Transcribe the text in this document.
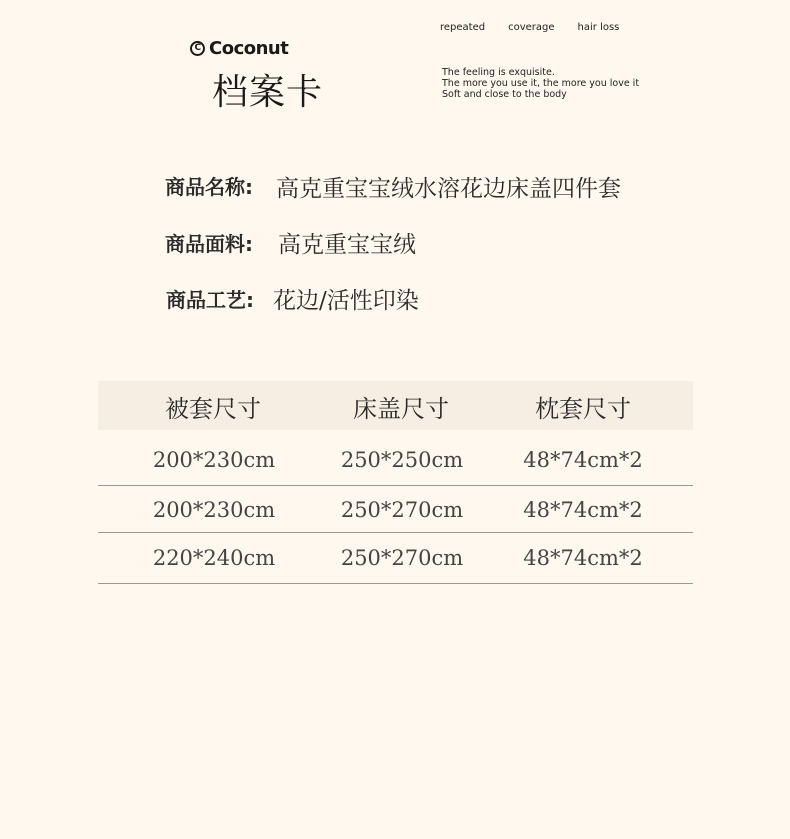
C Coconut
档案卡
repeated coverage hair loss
The feeling is exquisite.
The more you use it, the more you love it
Soft and close to the body
商品名称: 高克重宝宝绒水溶花边床盖四件套
商品面料: 高克重宝宝绒
商品工艺: 花边/活性印染
被套尺寸	床盖尺寸	枕套尺寸
200*230cm	250*250cm	48*74cm*2
200*230cm	250*270cm	48*74cm*2
220*240cm	250*270cm	48*74cm*2
